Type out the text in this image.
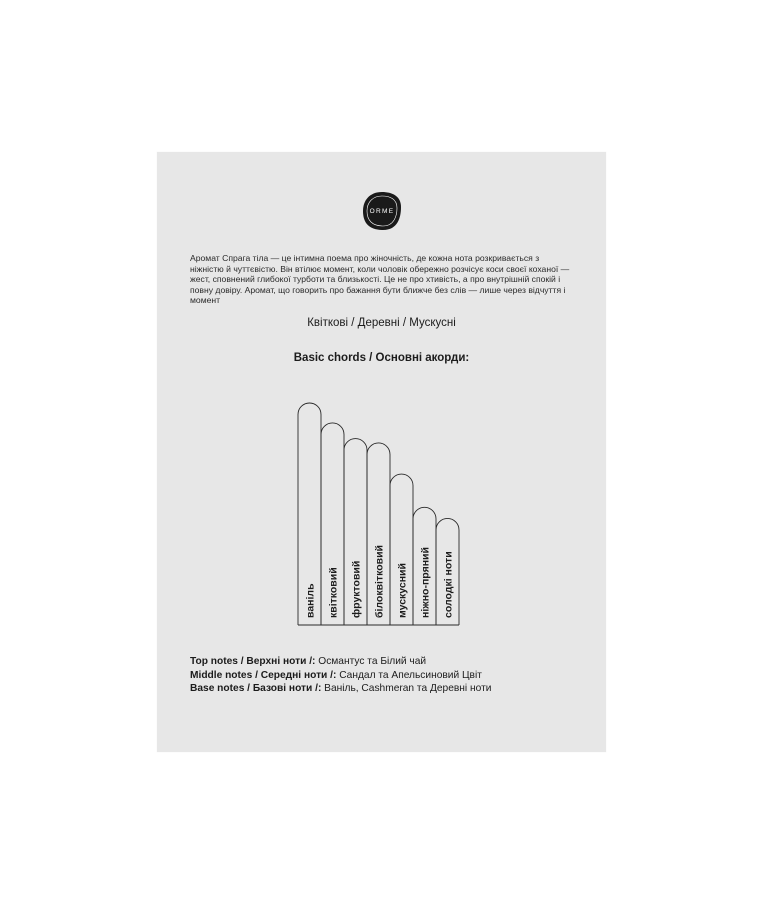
ORME
Аромат Спрага тіла — це інтимна поема про жіночність, де кожна нота розкривається з ніжністю й чуттєвістю. Він втілює момент, коли чоловік обережно розчісує коси своєї коханої — жест, сповнений глибокої турботи та близькості. Це не про хтивість, а про внутрішній спокій і повну довіру. Аромат, що говорить про бажання бути ближче без слів — лише через відчуття і момент
Квіткові / Деревні / Мускусні
Basic chords / Основні акорди:
ваніль квітковий фруктовий білоквітковий мускусний ніжно-пряний солодкі ноти
Top notes / Верхні ноти /: Османтус та Білий чай
Middle notes / Середні ноти /: Сандал та Апельсиновий Цвіт
Base notes / Базові ноти /: Ваніль, Cashmeran та Деревні ноти
